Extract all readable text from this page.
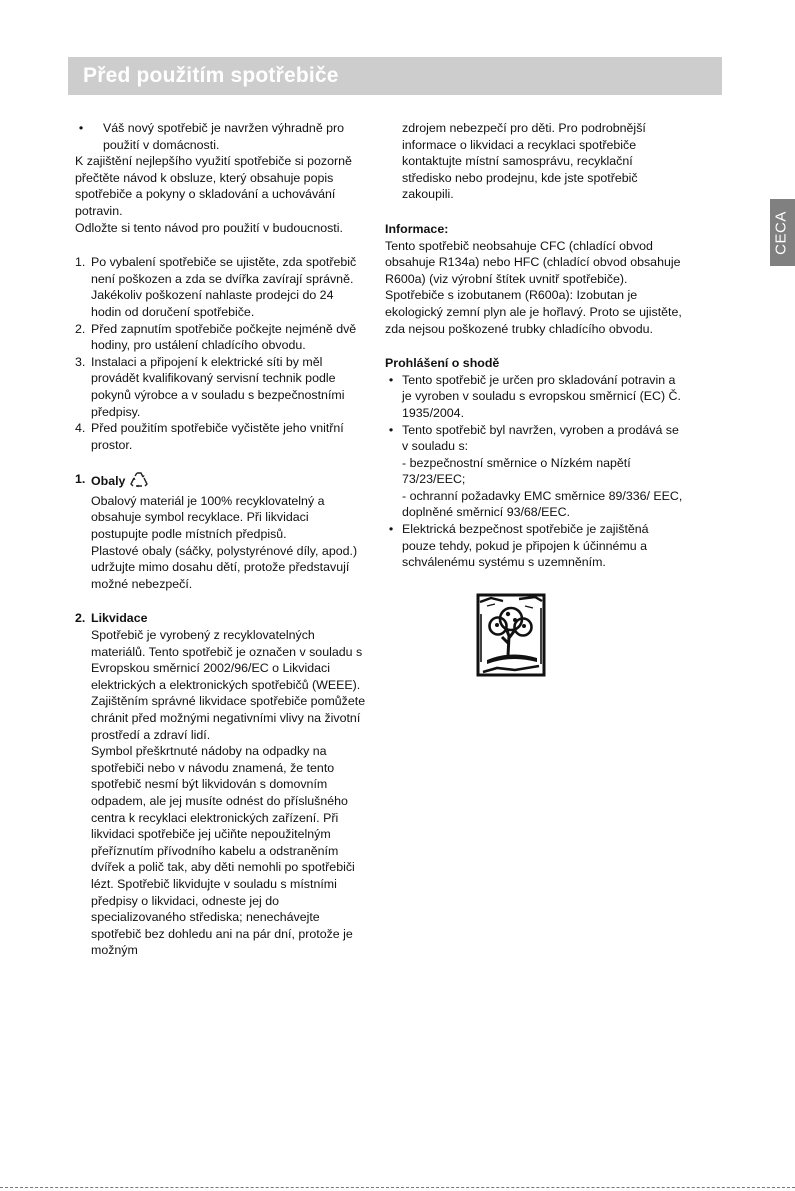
Před použitím spotřebiče
CECA
•	Váš nový spotřebič je navržen výhradně pro použití v domácnosti.

K zajištění nejlepšího využití spotřebiče si pozorně přečtěte návod k obsluze, který obsahuje popis spotřebiče a pokyny o skladování a uchovávání potravin.

Odložte si tento návod pro použití v budoucnosti.

1. Po vybalení spotřebiče se ujistěte, zda spotřebič není poškozen a zda se dvířka zavírají správně. Jakékoliv poškození nahlaste prodejci do 24 hodin od doručení spotřebiče.
2. Před zapnutím spotřebiče počkejte nejméně dvě hodiny, pro ustálení chladícího obvodu.
3. Instalaci a připojení k elektrické síti by měl provádět kvalifikovaný servisní technik podle pokynů výrobce a v souladu s bezpečnostními předpisy.
4. Před použitím spotřebiče vyčistěte jeho vnitřní prostor.
1. Obaly

Obalový materiál je 100% recyklovatelný a obsahuje symbol recyklace. Při likvidaci postupujte podle místních předpisů.

Plastové obaly (sáčky, polystyrénové díly, apod.) udržujte mimo dosahu dětí, protože představují možné nebezpečí.

2. Likvidace

Spotřebič je vyrobený z recyklovatelných materiálů. Tento spotřebič je označen v souladu s Evropskou směrnicí 2002/96/EC o Likvidaci elektrických a elektronických spotřebičů (WEEE). Zajištěním správné likvidace spotřebiče pomůžete chránit před možnými negativními vlivy na životní prostředí a zdraví lidí.

Symbol přeškrtnuté nádoby na odpadky na spotřebiči nebo v návodu znamená, že tento spotřebič nesmí být likvidován s domovním odpadem, ale jej musíte odnést do příslušného centra k recyklaci elektronických zařízení. Při likvidaci spotřebiče jej učiňte nepoužitelným přeříznutím přívodního kabelu a odstraněním dvířek a polič tak, aby děti nemohli po spotřebiči lézt. Spotřebič likvidujte v souladu s místními předpisy o likvidaci, odneste jej do specializovaného střediska; nenechávejte spotřebič bez dohledu ani na pár dní, protože je možným

zdrojem nebezpečí pro děti. Pro podrobnější informace o likvidaci a recyklaci spotřebiče kontaktujte místní samosprávu, recyklační středisko nebo prodejnu, kde jste spotřebič zakoupili.

Informace:

Tento spotřebič neobsahuje CFC (chladící obvod obsahuje R134a) nebo HFC (chladící obvod obsahuje R600a) (viz výrobní štítek uvnitř spotřebiče). Spotřebiče s izobutanem (R600a): Izobutan je ekologický zemní plyn ale je hořlavý. Proto se ujistěte, zda nejsou poškozené trubky chladícího obvodu.

Prohlášení o shodě
• Tento spotřebič je určen pro skladování potravin a je vyroben v souladu s evropskou směrnicí (EC) Č. 1935/2004.
• Tento spotřebič byl navržen, vyroben a prodává se v souladu s:
- bezpečnostní směrnice o Nízkém napětí 73/23/EEC;
- ochranní požadavky EMC směrnice 89/336/ EEC, doplněné směrnicí 93/68/EEC.
• Elektrická bezpečnost spotřebiče je zajištěná pouze tehdy, pokud je připojen k účinnému a schválenému systému s uzemněním.
